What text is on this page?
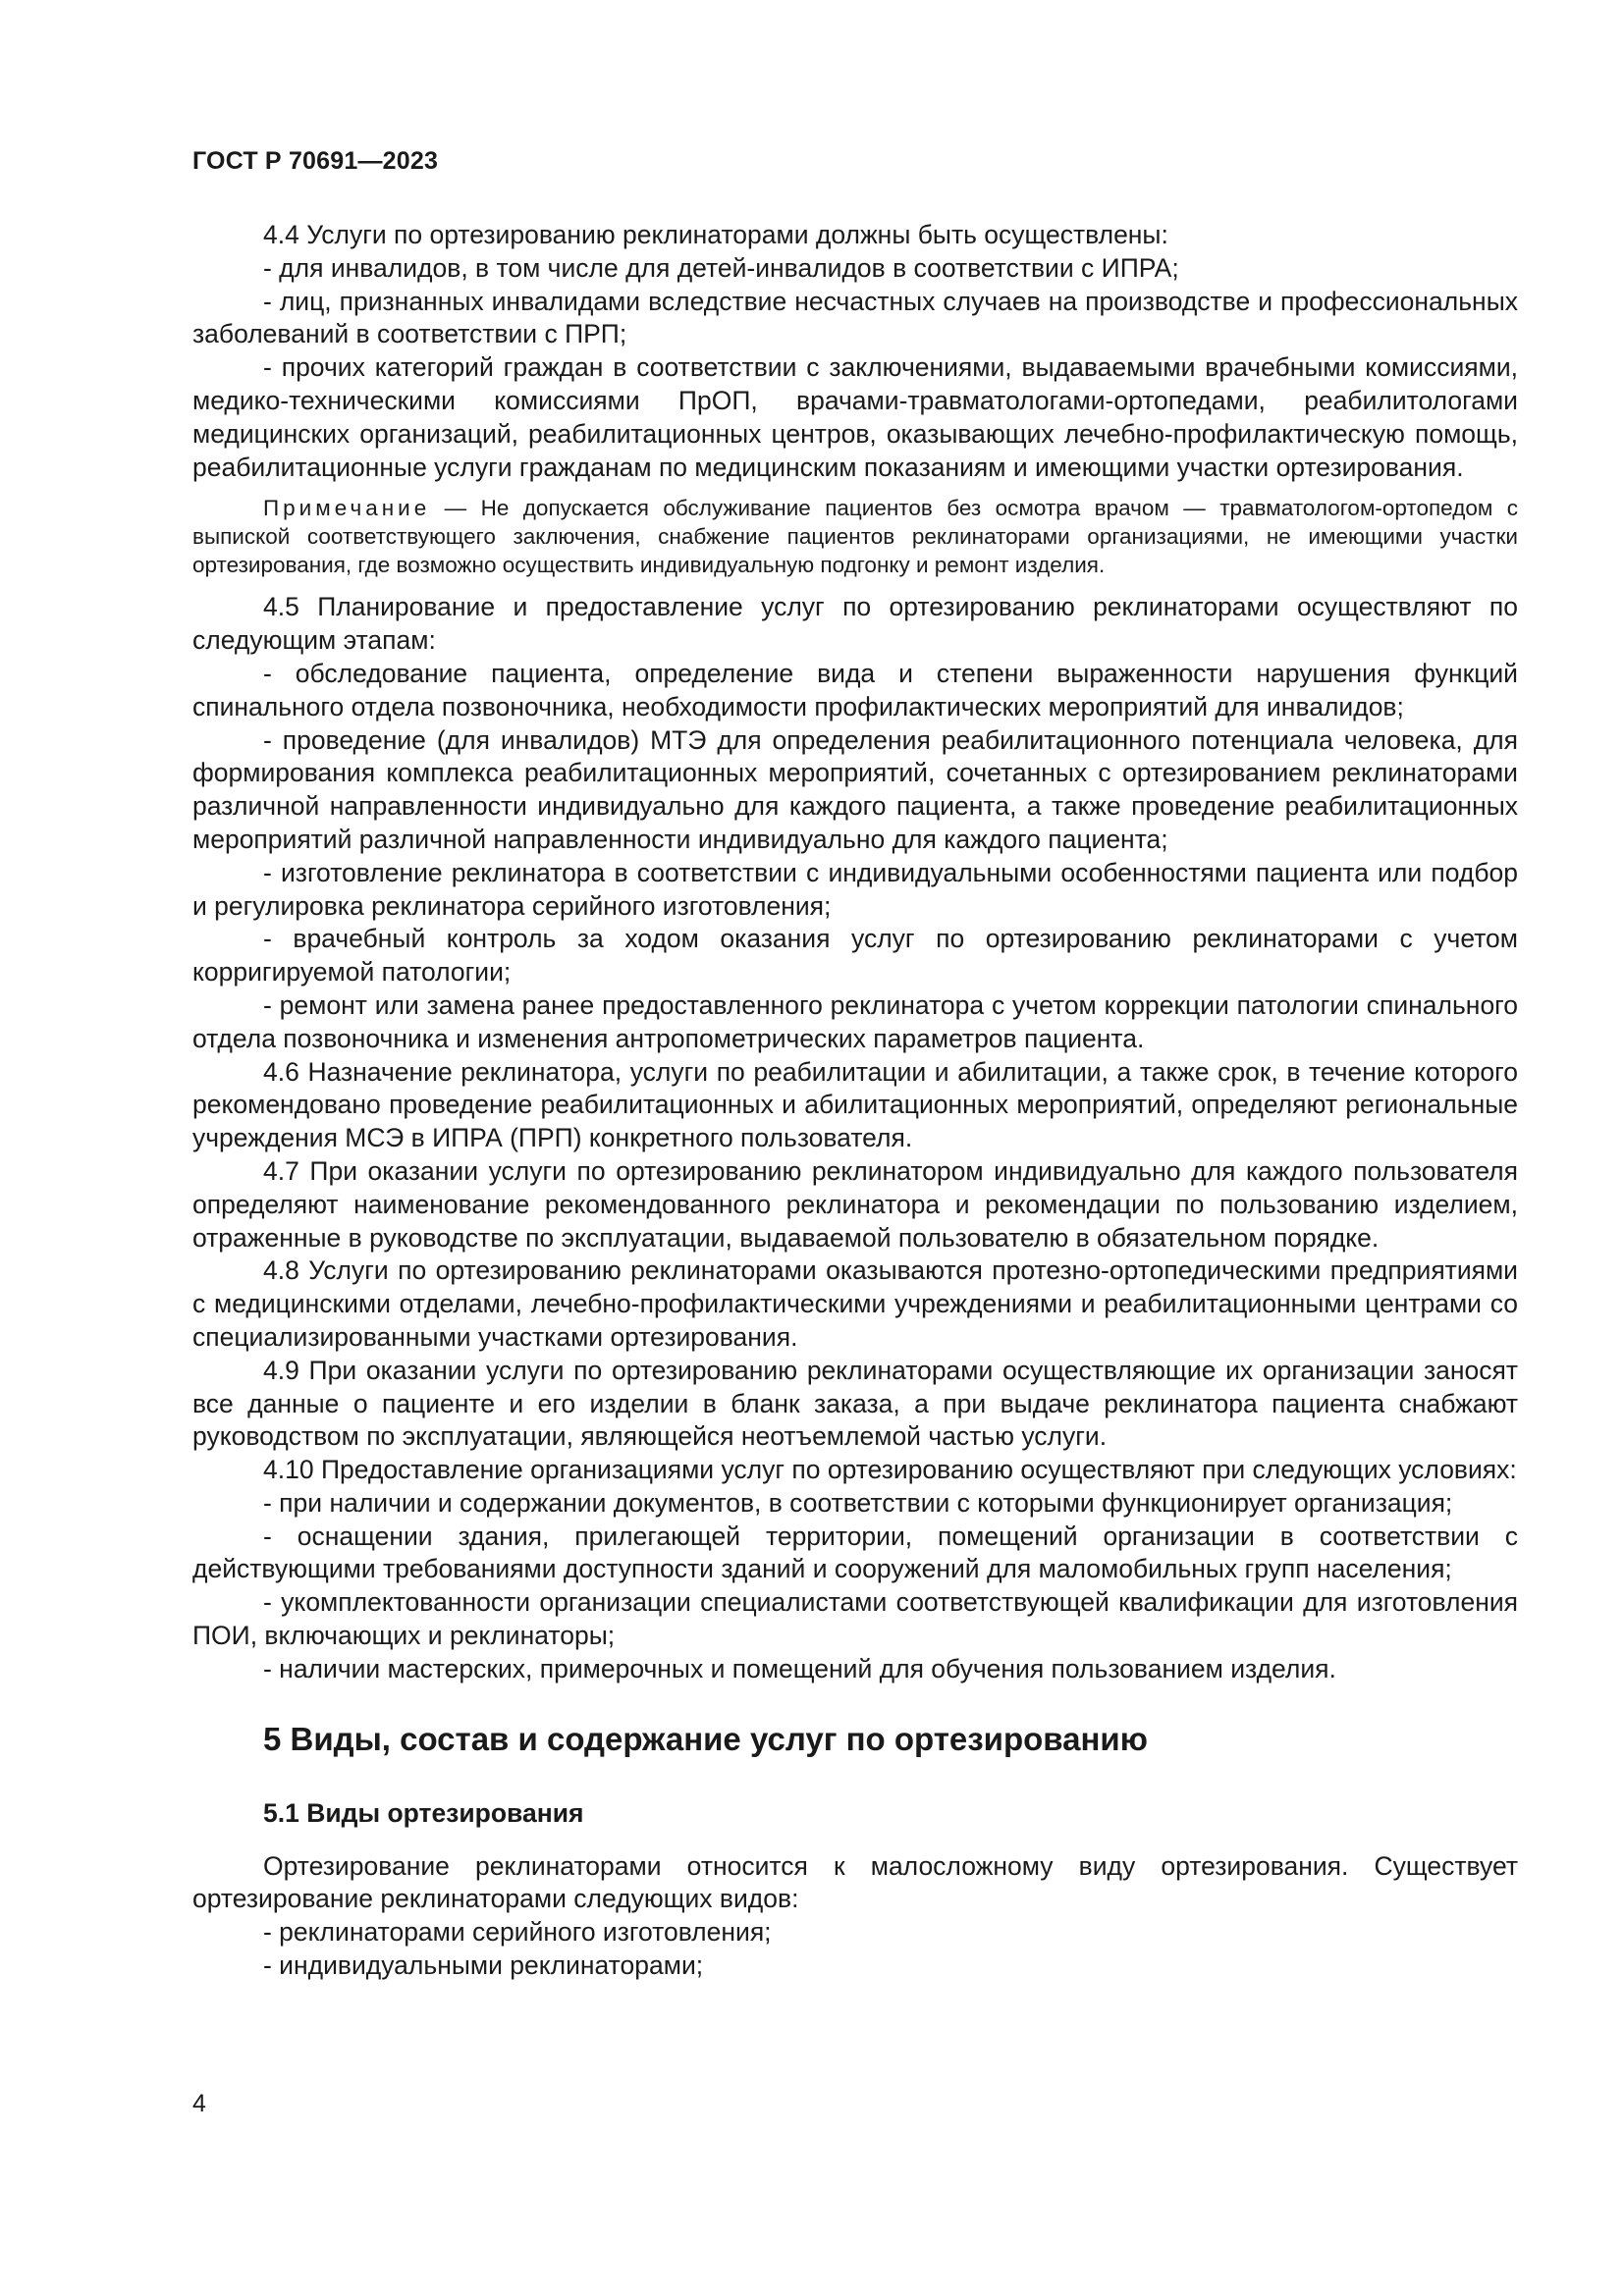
ГОСТ Р 70691—2023

4.4 Услуги по ортезированию реклинаторами должны быть осуществлены:

- для инвалидов, в том числе для детей-инвалидов в соответствии с ИПРА;

- лиц, признанных инвалидами вследствие несчастных случаев на производстве и профессиональных заболеваний в соответствии с ПРП;

- прочих категорий граждан в соответствии с заключениями, выдаваемыми врачебными комиссиями, медико-техническими комиссиями ПрОП, врачами-травматологами-ортопедами, реабилитологами медицинских организаций, реабилитационных центров, оказывающих лечебно-профилактическую помощь, реабилитационные услуги гражданам по медицинским показаниям и имеющими участки ортезирования.

Примечание — Не допускается обслуживание пациентов без осмотра врачом — травматологом-ортопедом с выпиской соответствующего заключения, снабжение пациентов реклинаторами организациями, не имеющими участки ортезирования, где возможно осуществить индивидуальную подгонку и ремонт изделия.

4.5 Планирование и предоставление услуг по ортезированию реклинаторами осуществляют по следующим этапам:

- обследование пациента, определение вида и степени выраженности нарушения функций спинального отдела позвоночника, необходимости профилактических мероприятий для инвалидов;

- проведение (для инвалидов) МТЭ для определения реабилитационного потенциала человека, для формирования комплекса реабилитационных мероприятий, сочетанных с ортезированием реклинаторами различной направленности индивидуально для каждого пациента, а также проведение реабилитационных мероприятий различной направленности индивидуально для каждого пациента;

- изготовление реклинатора в соответствии с индивидуальными особенностями пациента или подбор и регулировка реклинатора серийного изготовления;

- врачебный контроль за ходом оказания услуг по ортезированию реклинаторами с учетом корригируемой патологии;

- ремонт или замена ранее предоставленного реклинатора с учетом коррекции патологии спинального отдела позвоночника и изменения антропометрических параметров пациента.

4.6 Назначение реклинатора, услуги по реабилитации и абилитации, а также срок, в течение которого рекомендовано проведение реабилитационных и абилитационных мероприятий, определяют региональные учреждения МСЭ в ИПРА (ПРП) конкретного пользователя.

4.7 При оказании услуги по ортезированию реклинатором индивидуально для каждого пользователя определяют наименование рекомендованного реклинатора и рекомендации по пользованию изделием, отраженные в руководстве по эксплуатации, выдаваемой пользователю в обязательном порядке.

4.8 Услуги по ортезированию реклинаторами оказываются протезно-ортопедическими предприятиями с медицинскими отделами, лечебно-профилактическими учреждениями и реабилитационными центрами со специализированными участками ортезирования.

4.9 При оказании услуги по ортезированию реклинаторами осуществляющие их организации заносят все данные о пациенте и его изделии в бланк заказа, а при выдаче реклинатора пациента снабжают руководством по эксплуатации, являющейся неотъемлемой частью услуги.

4.10 Предоставление организациями услуг по ортезированию осуществляют при следующих условиях:

- при наличии и содержании документов, в соответствии с которыми функционирует организация;

- оснащении здания, прилегающей территории, помещений организации в соответствии с действующими требованиями доступности зданий и сооружений для маломобильных групп населения;

- укомплектованности организации специалистами соответствующей квалификации для изготовления ПОИ, включающих и реклинаторы;

- наличии мастерских, примерочных и помещений для обучения пользованием изделия.

5 Виды, состав и содержание услуг по ортезированию
5.1 Виды ортезирования

Ортезирование реклинаторами относится к малосложному виду ортезирования. Существует ортезирование реклинаторами следующих видов:

- реклинаторами серийного изготовления;

- индивидуальными реклинаторами;

4
